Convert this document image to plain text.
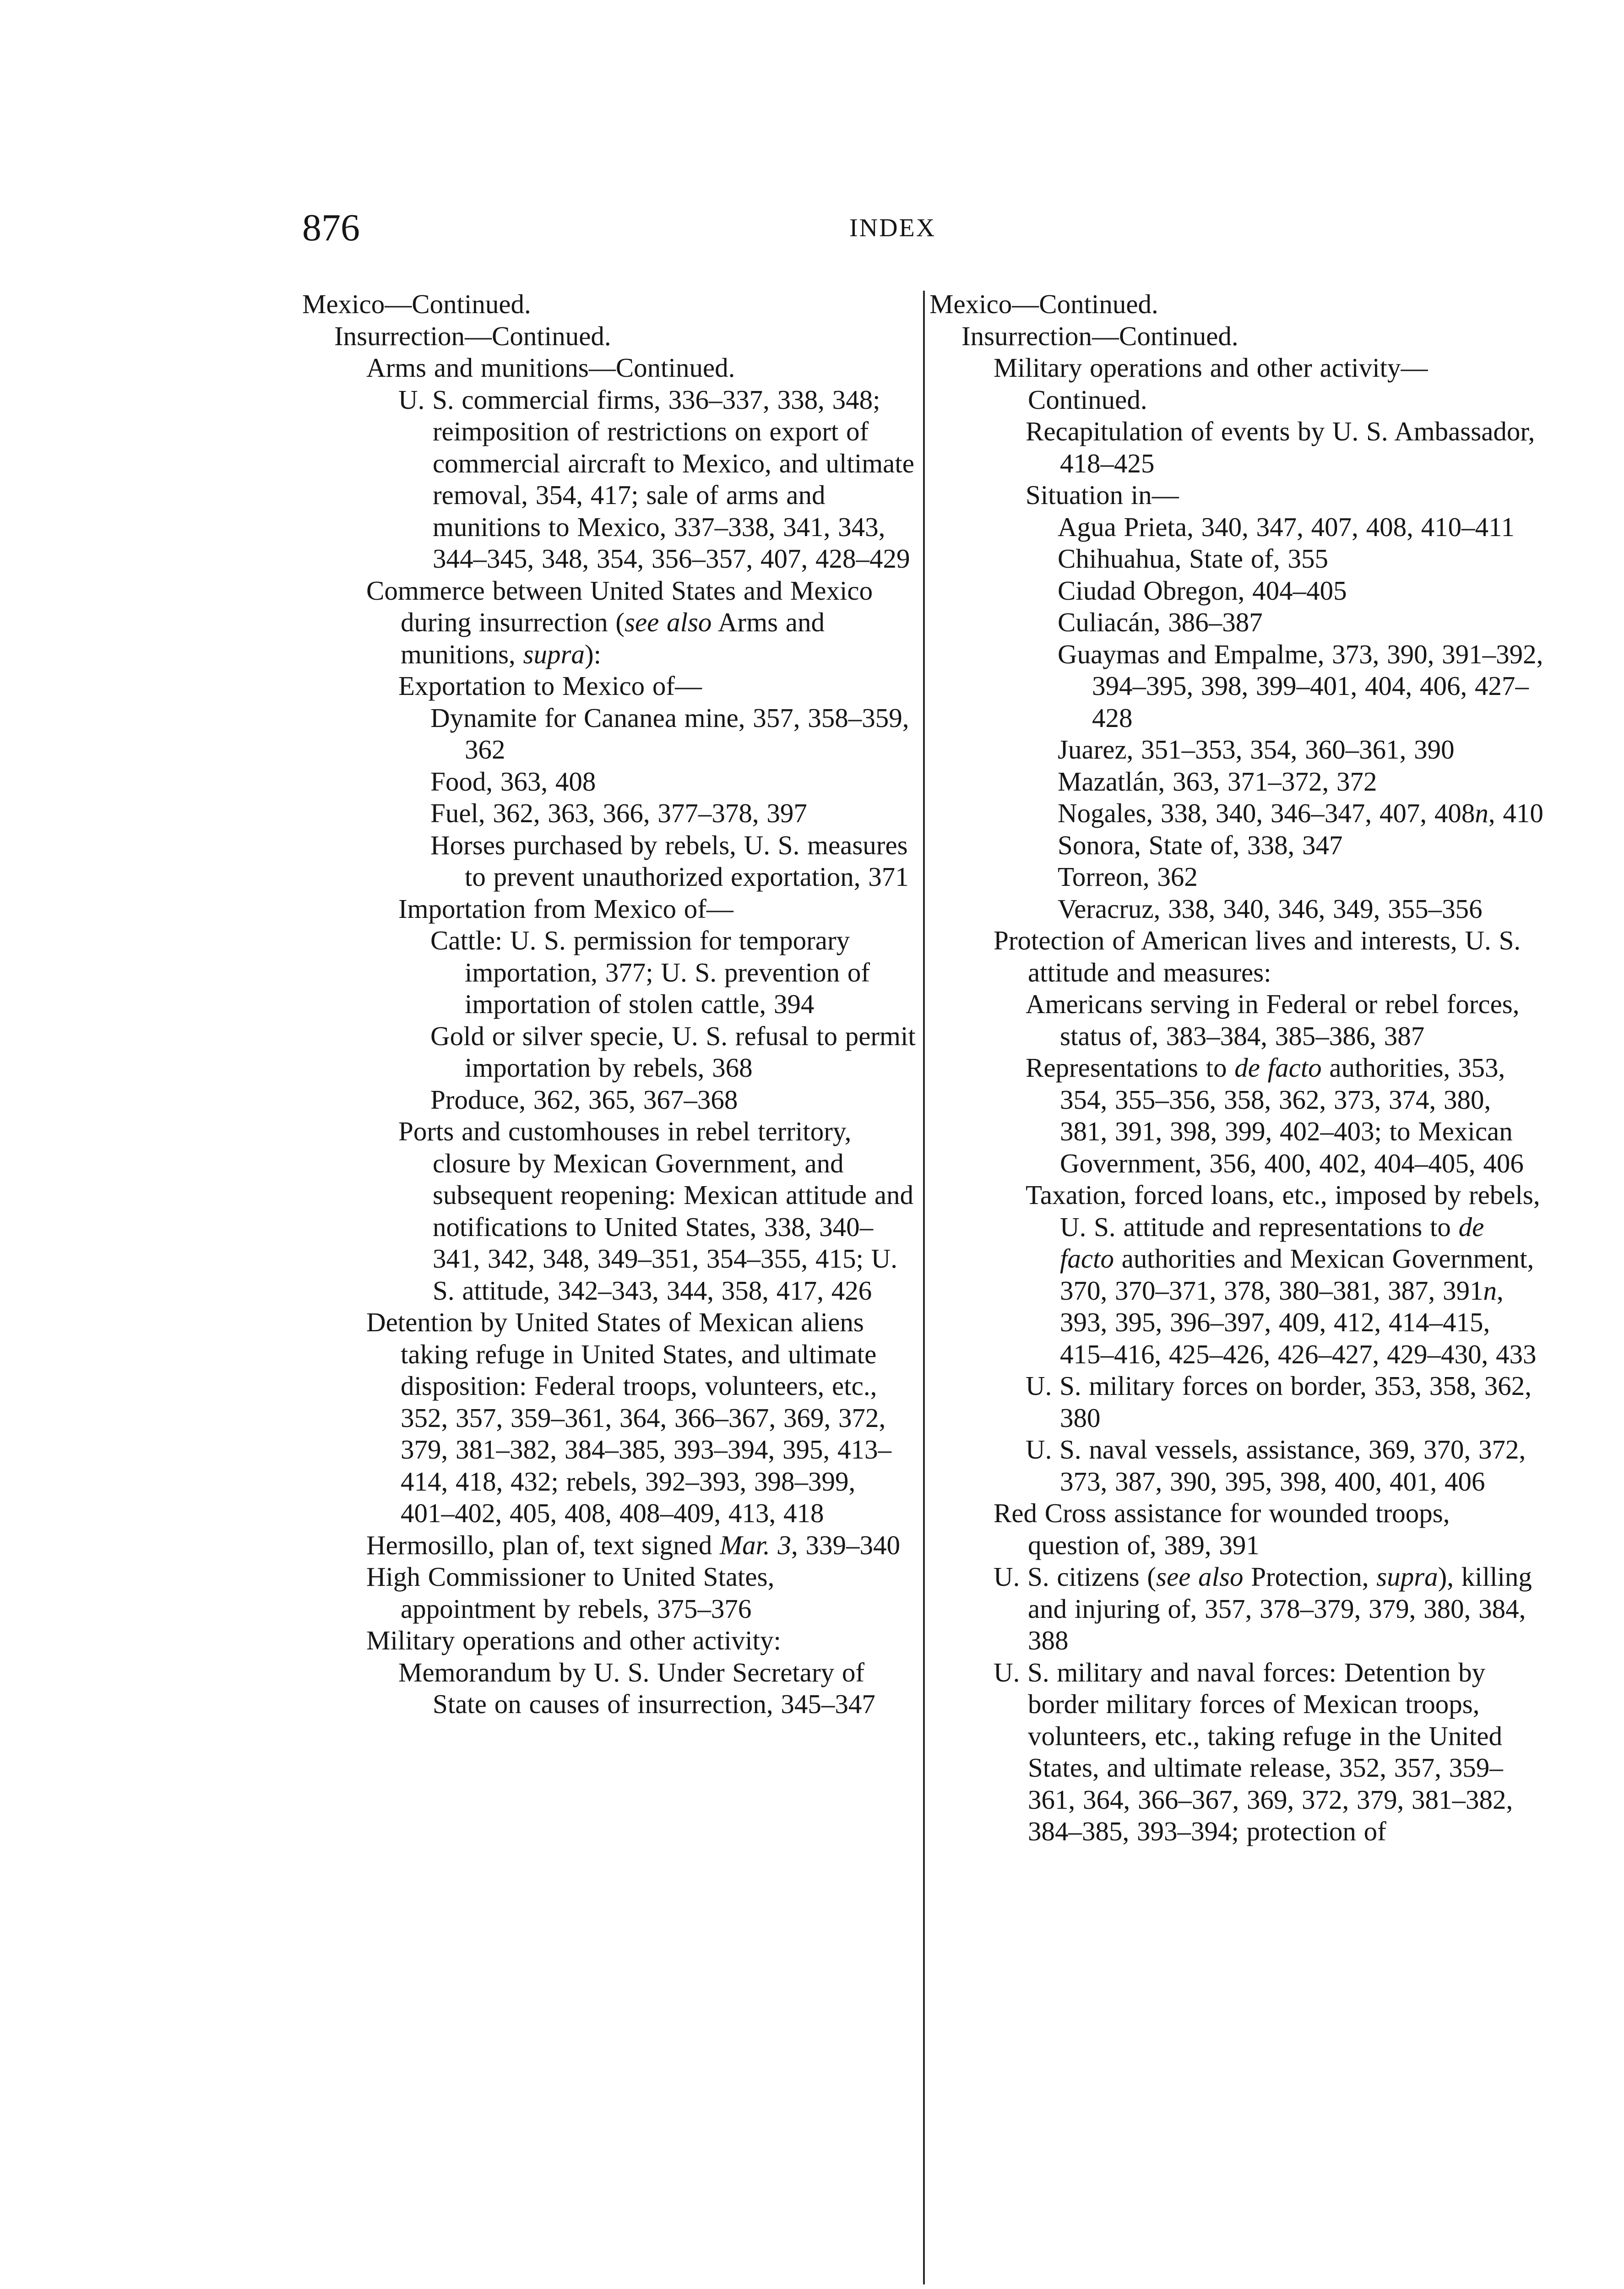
876	INDEX
Mexico—Continued.
Insurrection—Continued.
Arms and munitions—Continued.
U. S. commercial firms, 336–337, 338, 348; reimposition of restrictions on export of commercial aircraft to Mexico, and ultimate removal, 354, 417; sale of arms and munitions to Mexico, 337–338, 341, 343, 344–345, 348, 354, 356–357, 407, 428–429
Commerce between United States and Mexico during insurrection (see also Arms and munitions, supra):
Exportation to Mexico of—
Dynamite for Cananea mine, 357, 358–359, 362
Food, 363, 408
Fuel, 362, 363, 366, 377–378, 397
Horses purchased by rebels, U. S. measures to prevent unauthorized exportation, 371
Importation from Mexico of—
Cattle: U. S. permission for temporary importation, 377; U. S. prevention of importation of stolen cattle, 394
Gold or silver specie, U. S. refusal to permit importation by rebels, 368
Produce, 362, 365, 367–368
Ports and customhouses in rebel territory, closure by Mexican Government, and subsequent reopening: Mexican attitude and notifications to United States, 338, 340–341, 342, 348, 349–351, 354–355, 415; U. S. attitude, 342–343, 344, 358, 417, 426
Detention by United States of Mexican aliens taking refuge in United States, and ultimate disposition: Federal troops, volunteers, etc., 352, 357, 359–361, 364, 366–367, 369, 372, 379, 381–382, 384–385, 393–394, 395, 413–414, 418, 432; rebels, 392–393, 398–399, 401–402, 405, 408, 408–409, 413, 418
Hermosillo, plan of, text signed Mar. 3, 339–340
High Commissioner to United States, appointment by rebels, 375–376
Military operations and other activity:
Memorandum by U. S. Under Secretary of State on causes of insurrection, 345–347
Mexico—Continued.
Insurrection—Continued.
Military operations and other activity—Continued.
Recapitulation of events by U. S. Ambassador, 418–425
Situation in—
Agua Prieta, 340, 347, 407, 408, 410–411
Chihuahua, State of, 355
Ciudad Obregon, 404–405
Culiacán, 386–387
Guaymas and Empalme, 373, 390, 391–392, 394–395, 398, 399–401, 404, 406, 427–428
Juarez, 351–353, 354, 360–361, 390
Mazatlán, 363, 371–372, 372
Nogales, 338, 340, 346–347, 407, 408n, 410
Sonora, State of, 338, 347
Torreon, 362
Veracruz, 338, 340, 346, 349, 355–356
Protection of American lives and interests, U. S. attitude and measures:
Americans serving in Federal or rebel forces, status of, 383–384, 385–386, 387
Representations to de facto authorities, 353, 354, 355–356, 358, 362, 373, 374, 380, 381, 391, 398, 399, 402–403; to Mexican Government, 356, 400, 402, 404–405, 406
Taxation, forced loans, etc., imposed by rebels, U. S. attitude and representations to de facto authorities and Mexican Government, 370, 370–371, 378, 380–381, 387, 391n, 393, 395, 396–397, 409, 412, 414–415, 415–416, 425–426, 426–427, 429–430, 433
U. S. military forces on border, 353, 358, 362, 380
U. S. naval vessels, assistance, 369, 370, 372, 373, 387, 390, 395, 398, 400, 401, 406
Red Cross assistance for wounded troops, question of, 389, 391
U. S. citizens (see also Protection, supra), killing and injuring of, 357, 378–379, 379, 380, 384, 388
U. S. military and naval forces: Detention by border military forces of Mexican troops, volunteers, etc., taking refuge in the United States, and ultimate release, 352, 357, 359–361, 364, 366–367, 369, 372, 379, 381–382, 384–385, 393–394; protection of
